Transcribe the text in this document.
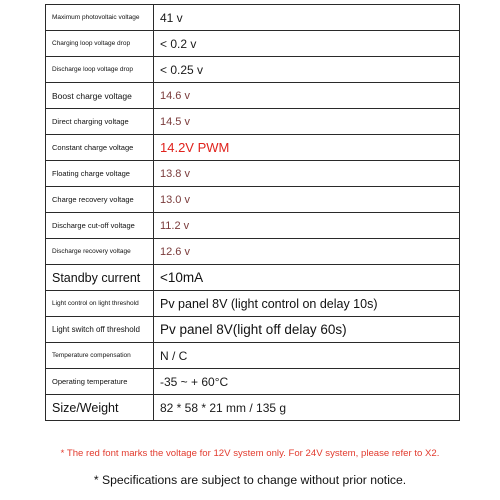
Maximum photovoltaic voltage	41 v
Charging loop voltage drop	< 0.2 v
Discharge loop voltage drop	< 0.25 v
Boost charge voltage	14.6 v
Direct charging voltage	14.5 v
Constant charge voltage	14.2V PWM
Floating charge voltage	13.8 v
Charge recovery voltage	13.0 v
Discharge cut-off voltage	11.2 v
Discharge recovery voltage	12.6 v
Standby current	<10mA
Light control on light threshold	Pv panel 8V (light control on delay 10s)
Light switch off threshold	Pv panel 8V(light off delay 60s)
Temperature compensation	N / C
Operating temperature	-35 ~ + 60°C
Size/Weight	82 * 58 * 21 mm / 135 g
* The red font marks the voltage for 12V system only. For 24V system, please refer to X2.
* Specifications are subject to change without prior notice.
